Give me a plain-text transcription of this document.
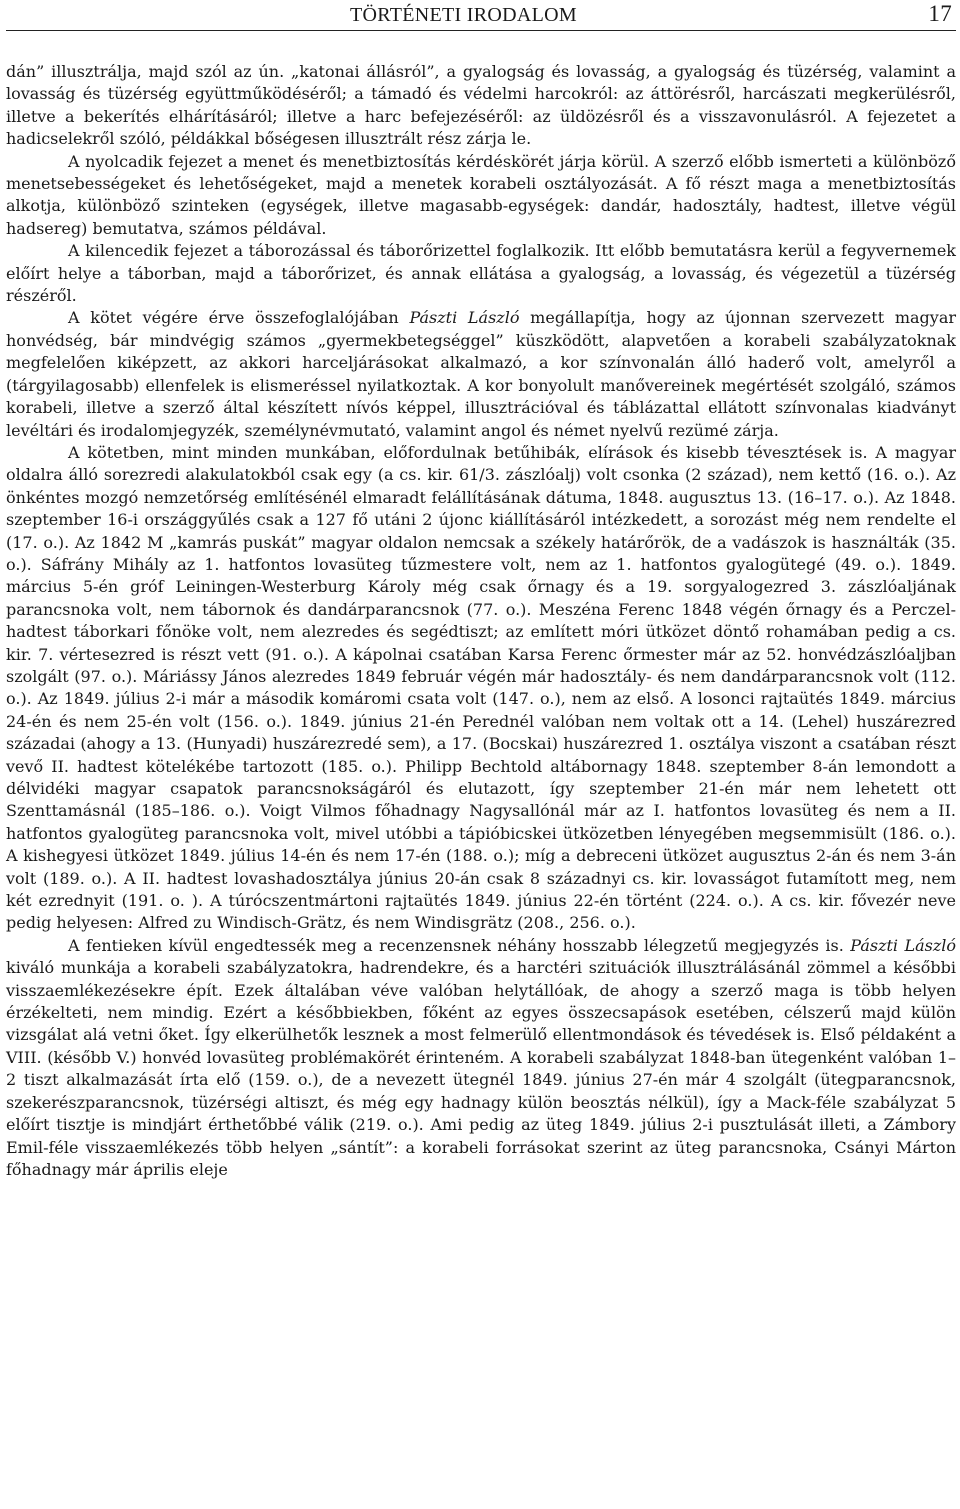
TÖRTÉNETI IRODALOM	17

dán” illusztrálja, majd szól az ún. „katonai állásról”, a gyalogság és lovasság, a gyalogság és tüzérség, valamint a lovasság és tüzérség együttműködéséről; a támadó és védelmi harcokról: az áttörésről, harcászati megkerülésről, illetve a bekerítés elhárításáról; illetve a harc befejezéséről: az üldözésről és a visszavonulásról. A fejezetet a hadicselekről szóló, példákkal bőségesen illusztrált rész zárja le.

A nyolcadik fejezet a menet és menetbiztosítás kérdéskörét járja körül. A szerző előbb ismerteti a különböző menetsebességeket és lehetőségeket, majd a menetek korabeli osztályozását. A fő részt maga a menetbiztosítás alkotja, különböző szinteken (egységek, illetve magasabb-egységek: dandár, hadosztály, hadtest, illetve végül hadsereg) bemutatva, számos példával.

A kilencedik fejezet a táborozással és táborőrizettel foglalkozik. Itt előbb bemutatásra kerül a fegyvernemek előírt helye a táborban, majd a táborőrizet, és annak ellátása a gyalogság, a lovasság, és végezetül a tüzérség részéről.

A kötet végére érve összefoglalójában Pászti László megállapítja, hogy az újonnan szervezett magyar honvédség, bár mindvégig számos „gyermekbetegséggel” küszködött, alapvetően a korabeli szabályzatoknak megfelelően kiképzett, az akkori harceljárásokat alkalmazó, a kor színvonalán álló haderő volt, amelyről a (tárgyilagosabb) ellenfelek is elismeréssel nyilatkoztak. A kor bonyolult manővereinek megértését szolgáló, számos korabeli, illetve a szerző által készített nívós képpel, illusztrációval és táblázattal ellátott színvonalas kiadványt levéltári és irodalomjegyzék, személynévmutató, valamint angol és német nyelvű rezümé zárja.

A kötetben, mint minden munkában, előfordulnak betűhibák, elírások és kisebb tévesztések is. A magyar oldalra álló sorezredi alakulatokból csak egy (a cs. kir. 61/3. zászlóalj) volt csonka (2 század), nem kettő (16. o.). Az önkéntes mozgó nemzetőrség említésénél elmaradt felállításának dátuma, 1848. augusztus 13. (16–17. o.). Az 1848. szeptember 16-i országgyűlés csak a 127 fő utáni 2 újonc kiállításáról intézkedett, a sorozást még nem rendelte el (17. o.). Az 1842 M „kamrás puskát” magyar oldalon nemcsak a székely határőrök, de a vadászok is használták (35. o.). Sáfrány Mihály az 1. hatfontos lovasüteg tűzmestere volt, nem az 1. hatfontos gyalogütegé (49. o.). 1849. március 5-én gróf Leiningen-Westerburg Károly még csak őrnagy és a 19. sorgyalogezred 3. zászlóaljának parancsnoka volt, nem tábornok és dandárparancsnok (77. o.). Meszéna Ferenc 1848 végén őrnagy és a Perczel-hadtest táborkari főnöke volt, nem alezredes és segédtiszt; az említett móri ütközet döntő rohamában pedig a cs. kir. 7. vértesezred is részt vett (91. o.). A kápolnai csatában Karsa Ferenc őrmester már az 52. honvédzászlóaljban szolgált (97. o.). Máriássy János alezredes 1849 február végén már hadosztály- és nem dandárparancsnok volt (112. o.). Az 1849. július 2-i már a második komáromi csata volt (147. o.), nem az első. A losonci rajtaütés 1849. március 24-én és nem 25-én volt (156. o.). 1849. június 21-én Perednél valóban nem voltak ott a 14. (Lehel) huszárezred századai (ahogy a 13. (Hunyadi) huszárezredé sem), a 17. (Bocskai) huszárezred 1. osztálya viszont a csatában részt vevő II. hadtest kötelékébe tartozott (185. o.). Philipp Bechtold altábornagy 1848. szeptember 8-án lemondott a délvidéki magyar csapatok parancsnokságáról és elutazott, így szeptember 21-én már nem lehetett ott Szenttamásnál (185–186. o.). Voigt Vilmos főhadnagy Nagysallónál már az I. hatfontos lovasüteg és nem a II. hatfontos gyalogüteg parancsnoka volt, mivel utóbbi a tápióbicskei ütközetben lényegében megsemmisült (186. o.). A kishegyesi ütközet 1849. július 14-én és nem 17-én (188. o.); míg a debreceni ütközet augusztus 2-án és nem 3-án volt (189. o.). A II. hadtest lovashadosztálya június 20-án csak 8 századnyi cs. kir. lovasságot futamított meg, nem két ezrednyit (191. o. ). A túrócszentmártoni rajtaütés 1849. június 22-én történt (224. o.). A cs. kir. fővezér neve pedig helyesen: Alfred zu Windisch-Grätz, és nem Windisgrätz (208., 256. o.).

A fentieken kívül engedtessék meg a recenzensnek néhány hosszabb lélegzetű megjegyzés is. Pászti László kiváló munkája a korabeli szabályzatokra, hadrendekre, és a harctéri szituációk illusztrálásánál zömmel a későbbi visszaemlékezésekre épít. Ezek általában véve valóban helytállóak, de ahogy a szerző maga is több helyen érzékelteti, nem mindig. Ezért a későbbiekben, főként az egyes összecsapások esetében, célszerű majd külön vizsgálat alá vetni őket. Így elkerülhetők lesznek a most felmerülő ellentmondások és tévedések is. Első példaként a VIII. (később V.) honvéd lovasüteg problémakörét érinteném. A korabeli szabályzat 1848-ban ütegenként valóban 1–2 tiszt alkalmazását írta elő (159. o.), de a nevezett ütegnél 1849. június 27-én már 4 szolgált (ütegparancsnok, szekerészparancsnok, tüzérségi altiszt, és még egy hadnagy külön beosztás nélkül), így a Mack-féle szabályzat 5 előírt tisztje is mindjárt érthetőbbé válik (219. o.). Ami pedig az üteg 1849. július 2-i pusztulását illeti, a Zámbory Emil-féle visszaemlékezés több helyen „sántít”: a korabeli forrásokat szerint az üteg parancsnoka, Csányi Márton főhadnagy már április eleje
